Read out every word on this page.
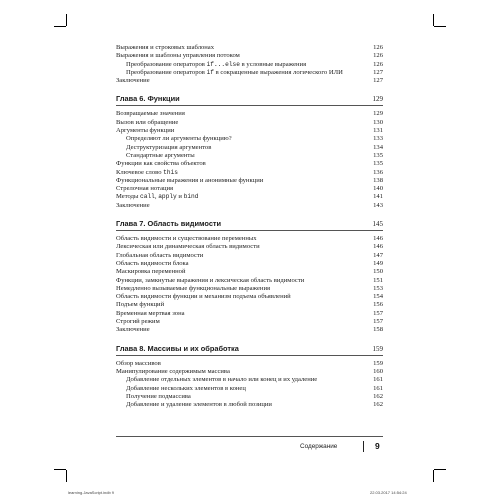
Выражения и строковых шаблонах	126
Выражения и шаблоны управления потоком	126
Преобразование операторов if...else в условные выражения	126
Преобразование операторов if в сокращенные выражения логического ИЛИ	127
Заключение	127
Глава 6. Функции	129
Возвращаемые значения	129
Вызов или обращение	130
Аргументы функции	131
Определяют ли аргументы функцию?	133
Деструктуризация аргументов	134
Стандартные аргументы	135
Функции как свойства объектов	135
Ключевое слово this	136
Функциональные выражения и анонимные функции	138
Стрелочная нотация	140
Методы call, apply и bind	141
Заключение	143
Глава 7. Область видимости	145
Область видимости и существование переменных	146
Лексическая или динамическая область видимости	146
Глобальная область видимости	147
Область видимости блока	149
Маскировка переменной	150
Функции, замкнутые выражения и лексическая область видимости	151
Немедленно вызываемые функциональные выражения	153
Область видимости функции и механизм подъема объявлений	154
Подъем функций	156
Временная мертвая зона	157
Строгий режим	157
Заключение	158
Глава 8. Массивы и их обработка	159
Обзор массивов	159
Манипулирование содержимым массива	160
Добавление отдельных элементов в начало или конец и их удаление	161
Добавление нескольких элементов в конец	161
Получение подмассива	162
Добавление и удаление элементов в любой позиции	162
Содержание	9
learning.JavaScript.indb 9	22.03.2017 14:54:24
